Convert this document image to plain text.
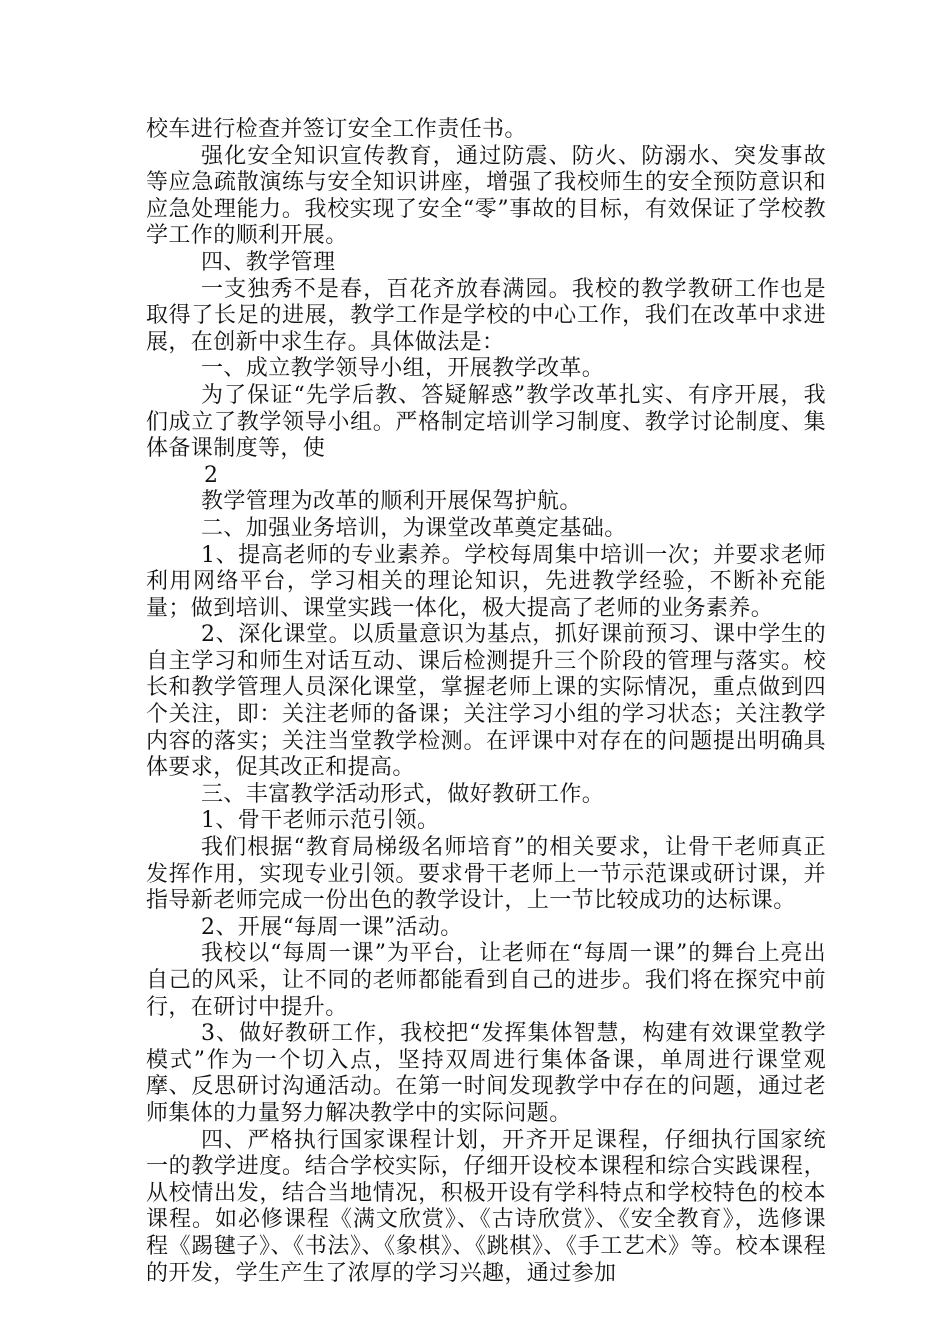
校车进行检查并签订安全工作责任书。

强化安全知识宣传教育，通过防震、防火、防溺水、突发事故等应急疏散演练与安全知识讲座，增强了我校师生的安全预防意识和应急处理能力。我校实现了安全“零”事故的目标，有效保证了学校教学工作的顺利开展。

四、教学管理

一支独秀不是春，百花齐放春满园。我校的教学教研工作也是取得了长足的进展，教学工作是学校的中心工作，我们在改革中求进展，在创新中求生存。具体做法是：

一、成立教学领导小组，开展教学改革。

为了保证“先学后教、答疑解惑”教学改革扎实、有序开展，我们成立了教学领导小组。严格制定培训学习制度、教学讨论制度、集体备课制度等，使

2

教学管理为改革的顺利开展保驾护航。

二、加强业务培训，为课堂改革奠定基础。

1、提高老师的专业素养。学校每周集中培训一次；并要求老师利用网络平台，学习相关的理论知识，先进教学经验，不断补充能量；做到培训、课堂实践一体化，极大提高了老师的业务素养。

2、深化课堂。以质量意识为基点，抓好课前预习、课中学生的自主学习和师生对话互动、课后检测提升三个阶段的管理与落实。校长和教学管理人员深化课堂，掌握老师上课的实际情况，重点做到四个关注，即：关注老师的备课；关注学习小组的学习状态；关注教学内容的落实；关注当堂教学检测。在评课中对存在的问题提出明确具体要求，促其改正和提高。

三、丰富教学活动形式，做好教研工作。

1、骨干老师示范引领。

我们根据“教育局梯级名师培育”的相关要求，让骨干老师真正发挥作用，实现专业引领。要求骨干老师上一节示范课或研讨课，并指导新老师完成一份出色的教学设计，上一节比较成功的达标课。

2、开展“每周一课”活动。

我校以“每周一课”为平台，让老师在“每周一课”的舞台上亮出自己的风采，让不同的老师都能看到自己的进步。我们将在探究中前行，在研讨中提升。

3、做好教研工作，我校把“发挥集体智慧，构建有效课堂教学模式”作为一个切入点，坚持双周进行集体备课，单周进行课堂观摩、反思研讨沟通活动。在第一时间发现教学中存在的问题，通过老师集体的力量努力解决教学中的实际问题。

四、严格执行国家课程计划，开齐开足课程，仔细执行国家统一的教学进度。结合学校实际，仔细开设校本课程和综合实践课程，从校情出发，结合当地情况，积极开设有学科特点和学校特色的校本课程。如必修课程《满文欣赏》、《古诗欣赏》、《安全教育》，选修课程《踢毽子》、《书法》、《象棋》、《跳棋》、《手工艺术》等。校本课程的开发，学生产生了浓厚的学习兴趣，通过参加
